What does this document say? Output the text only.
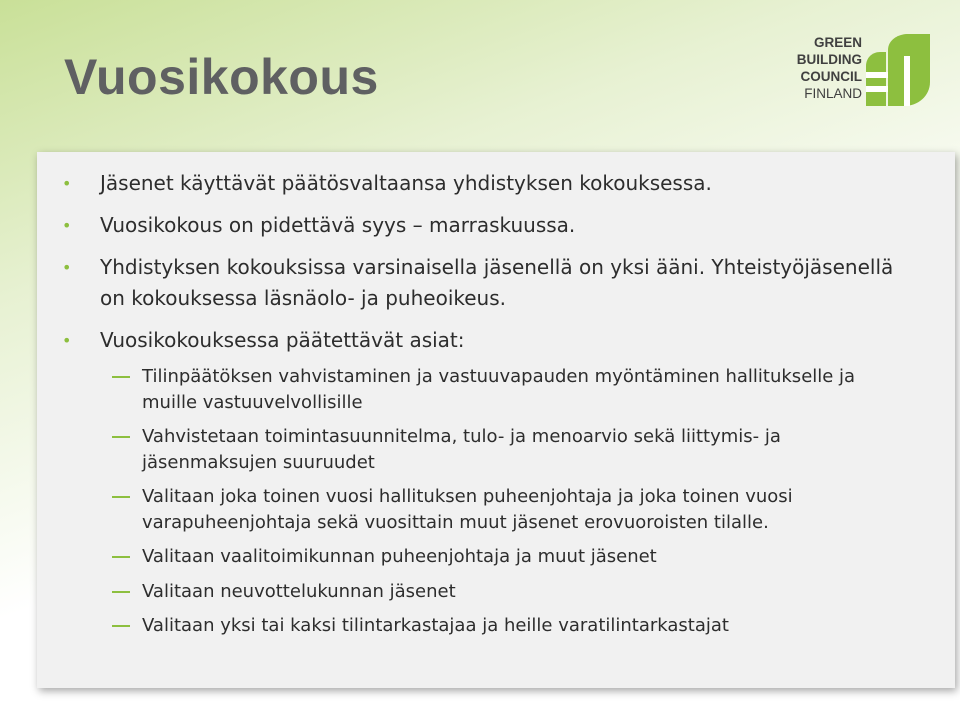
Vuosikokous
GREEN
BUILDING
COUNCIL
FINLAND
• Jäsenet käyttävät päätösvaltaansa yhdistyksen kokouksessa.
• Vuosikokous on pidettävä syys – marraskuussa.
• Yhdistyksen kokouksissa varsinaisella jäsenellä on yksi ääni. Yhteistyöjäsenellä on kokouksessa läsnäolo- ja puheoikeus.
• Vuosikokouksessa päätettävät asiat:
Tilinpäätöksen vahvistaminen ja vastuuvapauden myöntäminen hallitukselle ja muille vastuuvelvollisille
Vahvistetaan toimintasuunnitelma, tulo- ja menoarvio sekä liittymis- ja jäsenmaksujen suuruudet
Valitaan joka toinen vuosi hallituksen puheenjohtaja ja joka toinen vuosi varapuheenjohtaja sekä vuosittain muut jäsenet erovuoroisten tilalle.
Valitaan vaalitoimikunnan puheenjohtaja ja muut jäsenet
Valitaan neuvottelukunnan jäsenet
Valitaan yksi tai kaksi tilintarkastajaa ja heille varatilintarkastajat
